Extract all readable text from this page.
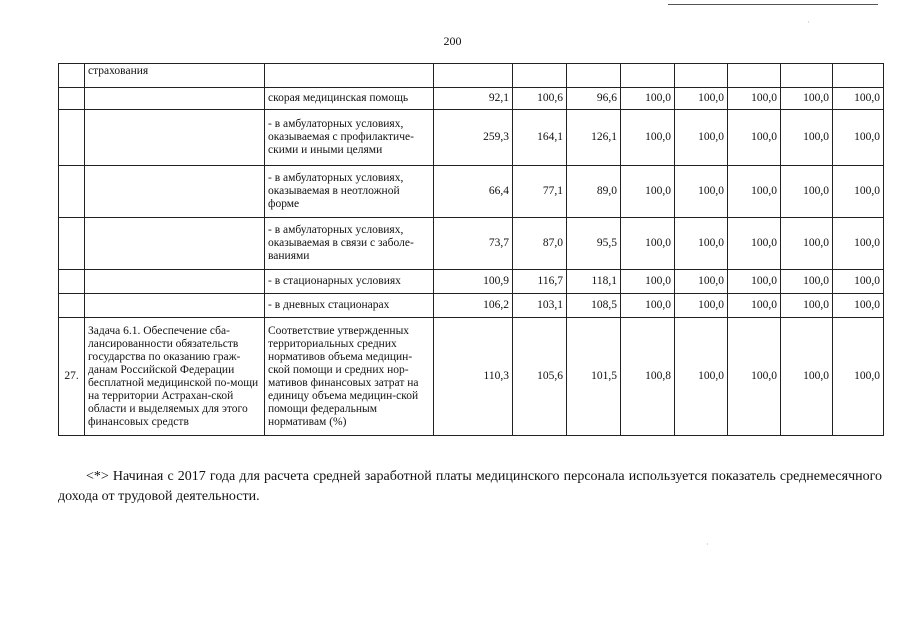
200
	страхования									
		скорая медицинская помощь	92,1	100,6	96,6	100,0	100,0	100,0	100,0	100,0
		- в амбулаторных условиях, оказываемая с профилактиче-скими и иными целями	259,3	164,1	126,1	100,0	100,0	100,0	100,0	100,0
		- в амбулаторных условиях, оказываемая в неотложной форме	66,4	77,1	89,0	100,0	100,0	100,0	100,0	100,0
		- в амбулаторных условиях, оказываемая в связи с заболе-ваниями	73,7	87,0	95,5	100,0	100,0	100,0	100,0	100,0
		- в стационарных условиях	100,9	116,7	118,1	100,0	100,0	100,0	100,0	100,0
		- в дневных стационарах	106,2	103,1	108,5	100,0	100,0	100,0	100,0	100,0
27.	Задача 6.1. Обеспечение сба-лансированности обязательств государства по оказанию граж-данам Российской Федерации бесплатной медицинской по-мощи на территории Астрахан-ской области и выделяемых для этого финансовых средств	Соответствие утвержденных территориальных средних нормативов объема медицин-ской помощи и средних нор-мативов финансовых затрат на единицу объема медицин-ской помощи федеральным нормативам (%)	110,3	105,6	101,5	100,8	100,0	100,0	100,0	100,0

<*> Начиная с 2017 года для расчета средней заработной платы медицинского персонала используется показатель среднемесячного дохода от трудовой деятельности.

·
·
